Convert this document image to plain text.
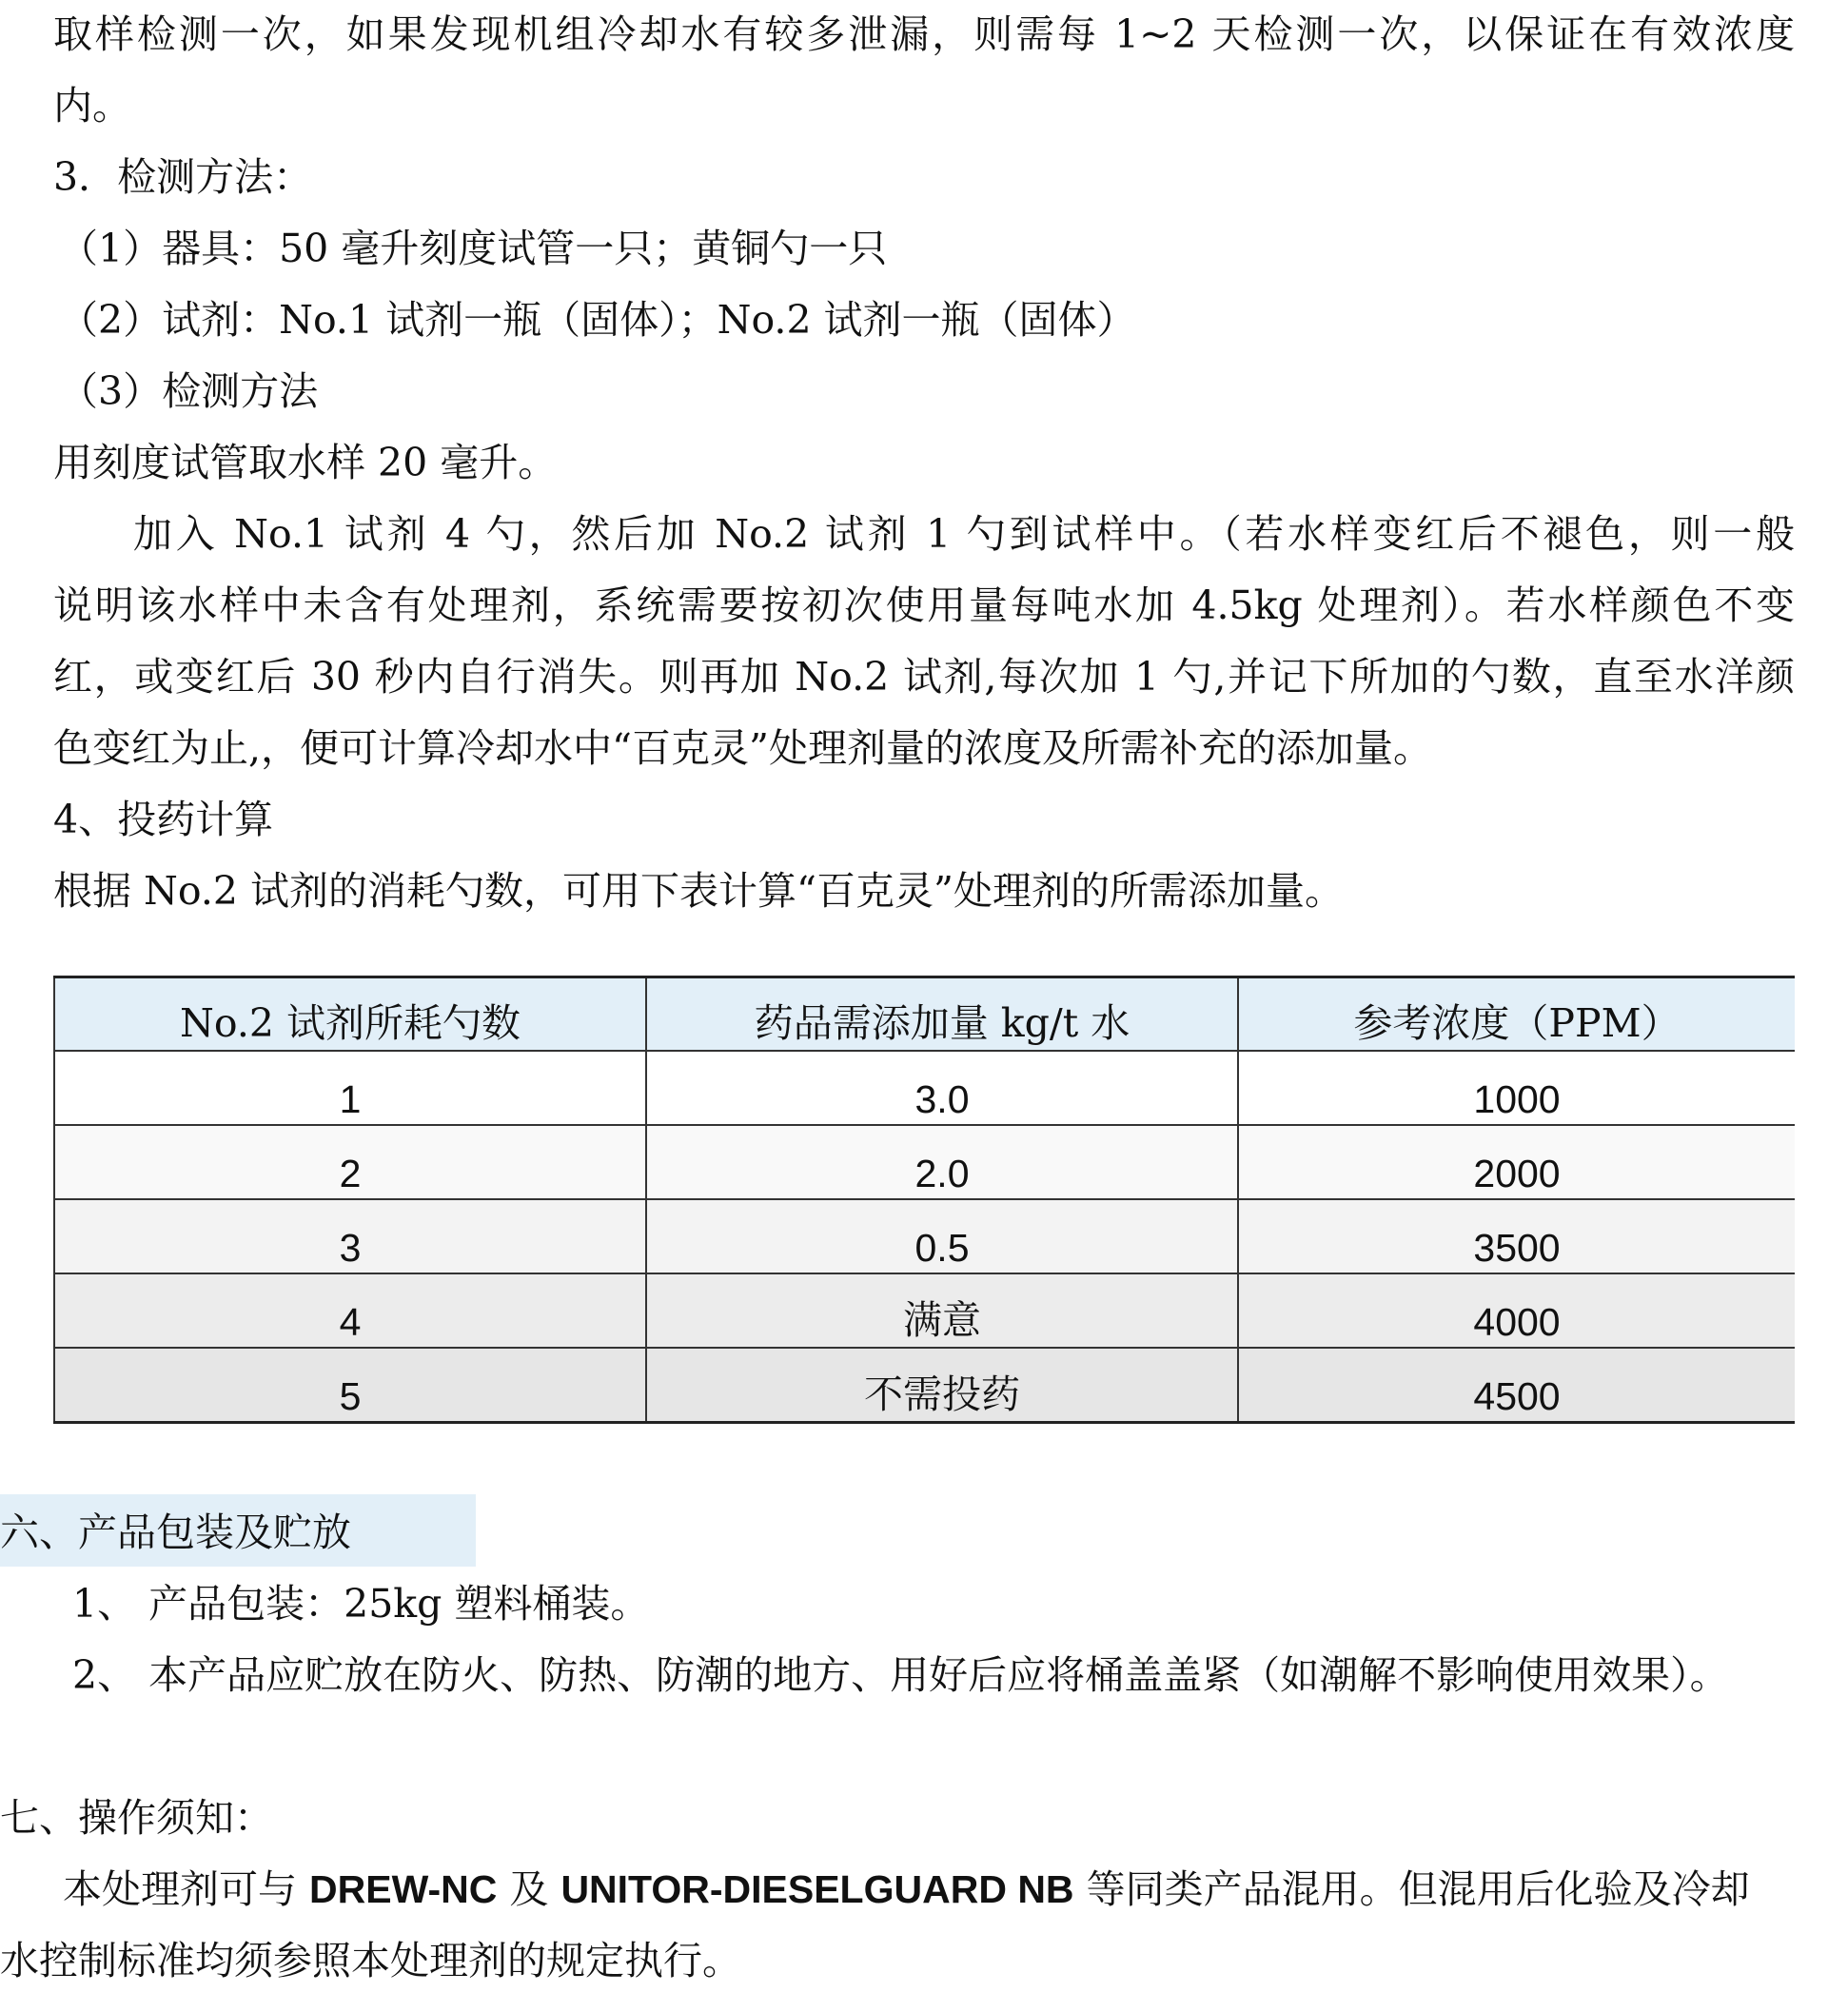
取样检测一次，如果发现机组冷却水有较多泄漏，则需每 1~2 天检测一次，以保证在有效浓度
内。
3．检测方法：
（1）器具：50 毫升刻度试管一只；黄铜勺一只
（2）试剂：No.1 试剂一瓶（固体）；No.2 试剂一瓶（固体）
（3）检测方法
用刻度试管取水样 20 毫升。
加入 No.1 试剂 4 勺，然后加 No.2 试剂 1 勺到试样中。（若水样变红后不褪色，则一般
说明该水样中未含有处理剂，系统需要按初次使用量每吨水加 4.5kg 处理剂）。若水样颜色不变
红，或变红后 30 秒内自行消失。则再加 No.2 试剂,每次加 1 勺,并记下所加的勺数，直至水洋颜
色变红为止,，便可计算冷却水中“百克灵”处理剂量的浓度及所需补充的添加量。
4、投药计算
根据 No.2 试剂的消耗勺数，可用下表计算“百克灵”处理剂的所需添加量。
No.2 试剂所耗勺数	药品需添加量 kg/t 水	参考浓度（PPM）
1	3.0	1000
2	2.0	2000
3	0.5	3500
4	满意	4000
5	不需投药	4500
六、产品包装及贮放
1、 产品包装：25kg 塑料桶装。
2、 本产品应贮放在防火、防热、防潮的地方、用好后应将桶盖盖紧（如潮解不影响使用效果）。
七、操作须知：
本处理剂可与 DREW-NC 及 UNITOR-DIESELGUARD NB 等同类产品混用。但混用后化验及冷却
水控制标准均须参照本处理剂的规定执行。
